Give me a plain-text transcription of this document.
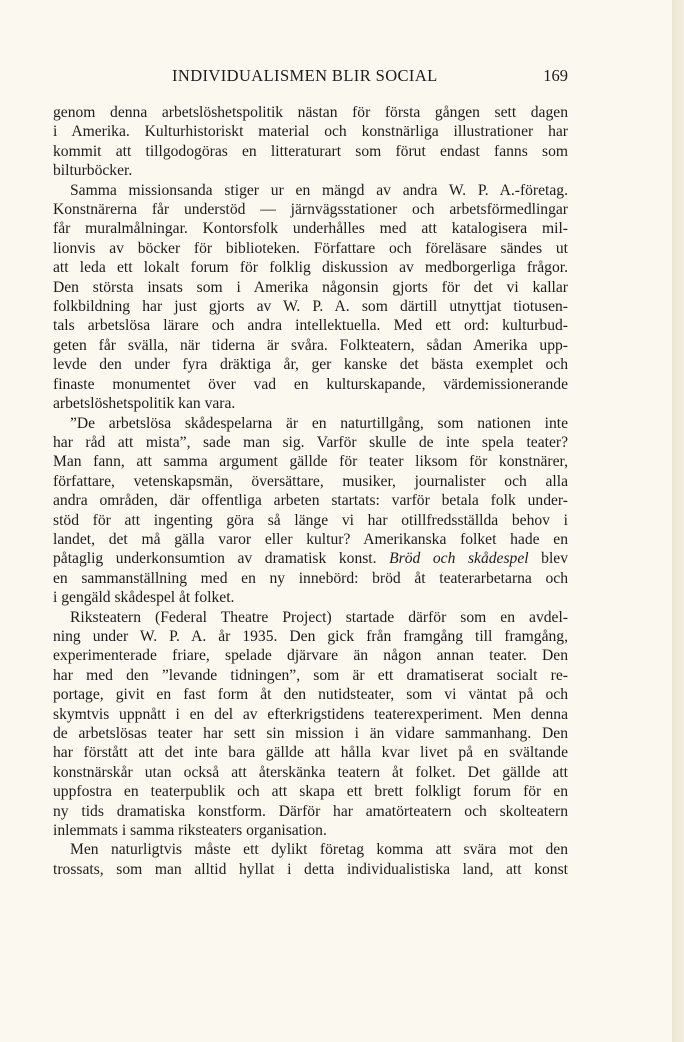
INDIVIDUALISMEN BLIR SOCIAL	169

genom denna arbetslöshetspolitik nästan för första gången sett dagen
i Amerika. Kulturhistoriskt material och konstnärliga illustrationer har
kommit att tillgodogöras en litteraturart som förut endast fanns som

bilturböcker.

Samma missionsanda stiger ur en mängd av andra W. P. A.-företag.

Konstnärerna får understöd — järnvägsstationer och arbetsförmedlingar
får muralmålningar. Kontorsfolk underhålles med att katalogisera mil-
lionvis av böcker för biblioteken. Författare och föreläsare sändes ut
att leda ett lokalt forum för folklig diskussion av medborgerliga frågor.
Den största insats som i Amerika någonsin gjorts för det vi kallar
folkbildning har just gjorts av W. P. A. som därtill utnyttjat tiotusen-
tals arbetslösa lärare och andra intellektuella. Med ett ord: kulturbud-
geten får svälla, när tiderna är svåra. Folkteatern, sådan Amerika upp-
levde den under fyra dräktiga år, ger kanske det bästa exemplet och
finaste monumentet över vad en kulturskapande, värdemissionerande

arbetslöshetspolitik kan vara.

”De arbetslösa skådespelarna är en naturtillgång, som nationen inte

har råd att mista”, sade man sig. Varför skulle de inte spela teater?
Man fann, att samma argument gällde för teater liksom för konstnärer,
författare, vetenskapsmän, översättare, musiker, journalister och alla
andra områden, där offentliga arbeten startats: varför betala folk under-
stöd för att ingenting göra så länge vi har otillfredsställda behov i
landet, det må gälla varor eller kultur? Amerikanska folket hade en

påtaglig underkonsumtion av dramatisk konst. Bröd och skådespel blev

en sammanställning med en ny innebörd: bröd åt teaterarbetarna och

i gengäld skådespel åt folket.

Riksteatern (Federal Theatre Project) startade därför som en avdel-

ning under W. P. A. år 1935. Den gick från framgång till framgång,
experimenterade friare, spelade djärvare än någon annan teater. Den
har med den ”levande tidningen”, som är ett dramatiserat socialt re-
portage, givit en fast form åt den nutidsteater, som vi väntat på och
skymtvis uppnått i en del av efterkrigstidens teaterexperiment. Men denna
de arbetslösas teater har sett sin mission i än vidare sammanhang. Den
har förstått att det inte bara gällde att hålla kvar livet på en svältande
konstnärskår utan också att återskänka teatern åt folket. Det gällde att
uppfostra en teaterpublik och att skapa ett brett folkligt forum för en
ny tids dramatiska konstform. Därför har amatörteatern och skolteatern

inlemmats i samma riksteaters organisation.

Men naturligtvis måste ett dylikt företag komma att svära mot den

trossats, som man alltid hyllat i detta individualistiska land, att konst
